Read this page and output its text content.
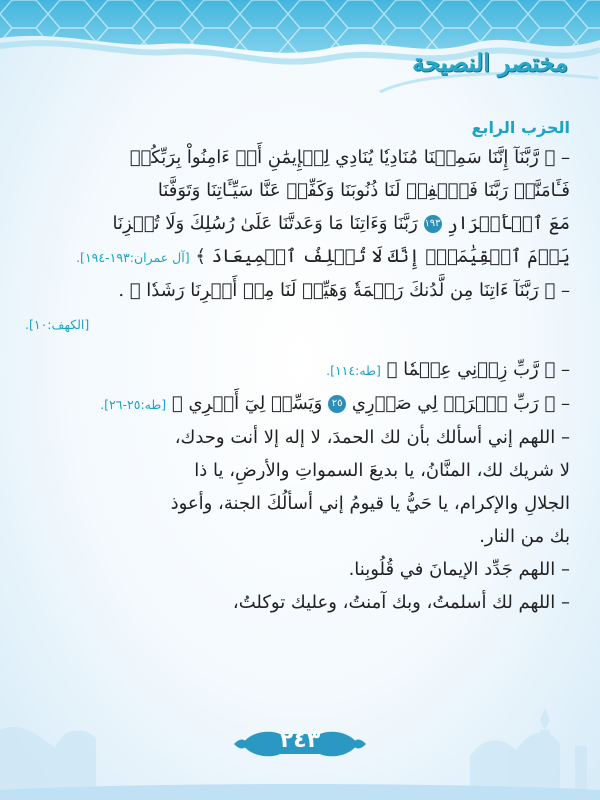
مختصر النصيحة
الحزب الرابع
– ﴿ رَّبَّنَآ إِنَّنَا سَمِعۡنَا مُنَادِيٗا يُنَادِي لِلۡإِيمَٰنِ أَنۡ ءَامِنُواْ بِرَبِّكُمۡ
فَـَٔامَنَّاۚ رَبَّنَا فَٱغۡفِرۡ لَنَا ذُنُوبَنَا وَكَفِّرۡ عَنَّا سَيِّـَٔاتِنَا وَتَوَفَّنَا
مَعَ ٱلۡأَبۡرَارِ ١٩٣ رَبَّنَا وَءَاتِنَا مَا وَعَدتَّنَا عَلَىٰ رُسُلِكَ وَلَا تُخۡزِنَا
يَوۡمَ ٱلۡقِيَٰمَةِۖ إِنَّكَ لَا تُخۡلِفُ ٱلۡمِيعَادَ ﴾ [آل عمران:١٩٣-١٩٤].
– ﴿ رَبَّنَآ ءَاتِنَا مِن لَّدُنكَ رَحۡمَةٗ وَهَيِّئۡ لَنَا مِنۡ أَمۡرِنَا رَشَدٗا ﴾ .
[الكهف:١٠].
– ﴿ رَّبِّ زِدۡنِي عِلۡمٗا ﴾ [طه:١١٤].
– ﴿ رَبِّ ٱشۡرَحۡ لِي صَدۡرِي ٢٥ وَيَسِّرۡ لِيٓ أَمۡرِي ﴾ [طه:٢٥-٢٦].
– اللهم إني أسألك بأن لك الحمدَ، لا إله إلا أنت وحدك،
لا شريك لك، المنَّانُ، يا بديعَ السمواتِ والأرضِ، يا ذا
الجلالِ والإكرام، يا حَيُّ يا قيومُ إني أسألُكَ الجنة، وأعوذ
بك من النار.
– اللهم جَدِّد الإيمانَ في قُلُوبِنا.
– اللهم لك أسلمتُ، وبك آمنتُ، وعليك توكلتُ،
٢٤٣
